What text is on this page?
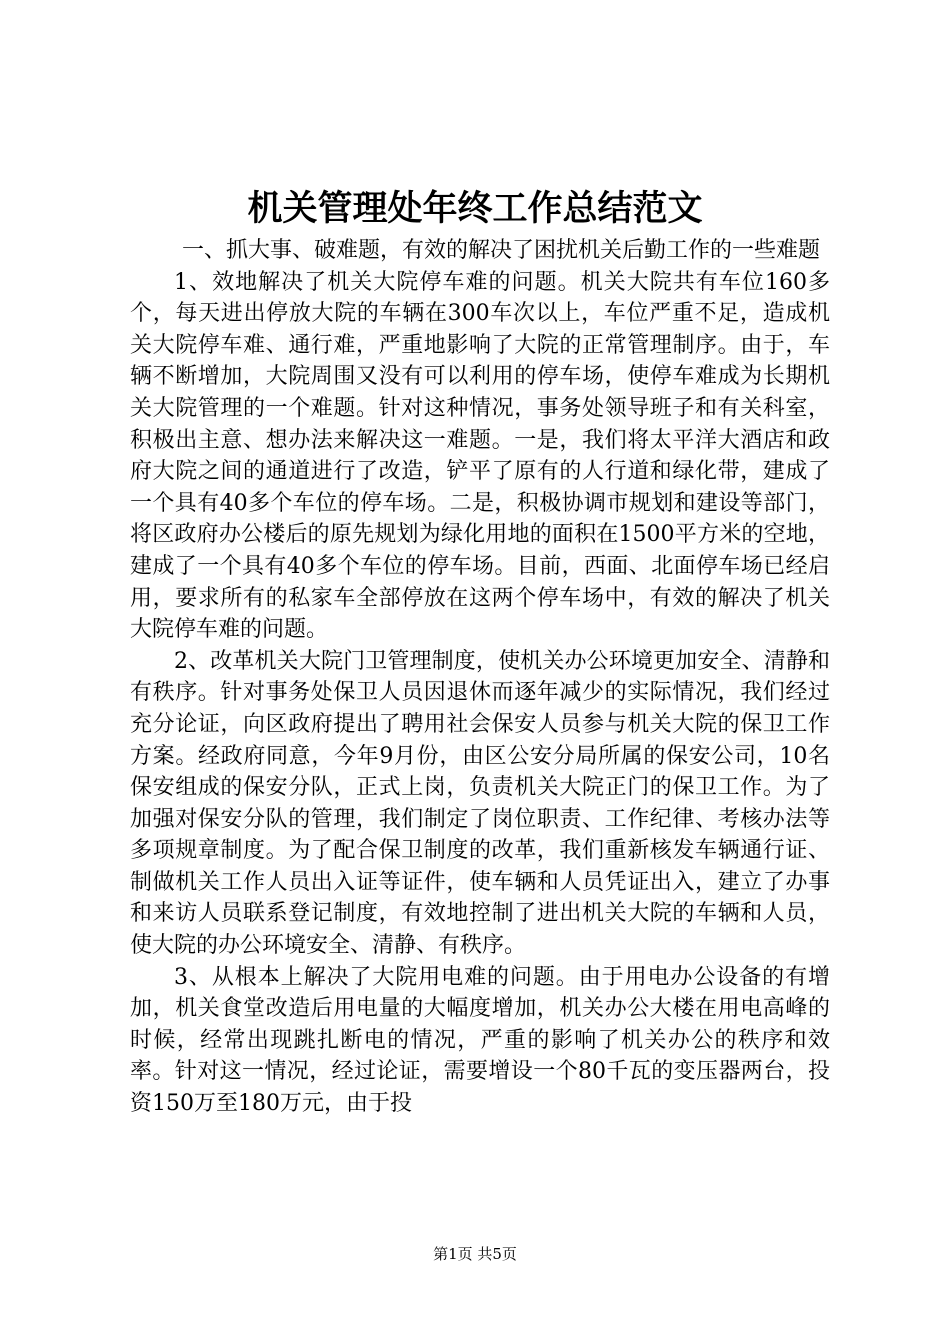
机关管理处年终工作总结范文

一、抓大事、破难题，有效的解决了困扰机关后勤工作的一些难题

1、效地解决了机关大院停车难的问题。机关大院共有车位160多个，每天进出停放大院的车辆在300车次以上，车位严重不足，造成机关大院停车难、通行难，严重地影响了大院的正常管理制序。由于，车辆不断增加，大院周围又没有可以利用的停车场，使停车难成为长期机关大院管理的一个难题。针对这种情况，事务处领导班子和有关科室，积极出主意、想办法来解决这一难题。一是，我们将太平洋大酒店和政府大院之间的通道进行了改造，铲平了原有的人行道和绿化带，建成了一个具有40多个车位的停车场。二是，积极协调市规划和建设等部门，将区政府办公楼后的原先规划为绿化用地的面积在1500平方米的空地，建成了一个具有40多个车位的停车场。目前，西面、北面停车场已经启用，要求所有的私家车全部停放在这两个停车场中，有效的解决了机关大院停车难的问题。

2、改革机关大院门卫管理制度，使机关办公环境更加安全、清静和有秩序。针对事务处保卫人员因退休而逐年减少的实际情况，我们经过充分论证，向区政府提出了聘用社会保安人员参与机关大院的保卫工作方案。经政府同意，今年9月份，由区公安分局所属的保安公司，10名保安组成的保安分队，正式上岗，负责机关大院正门的保卫工作。为了加强对保安分队的管理，我们制定了岗位职责、工作纪律、考核办法等多项规章制度。为了配合保卫制度的改革，我们重新核发车辆通行证、制做机关工作人员出入证等证件，使车辆和人员凭证出入，建立了办事和来访人员联系登记制度，有效地控制了进出机关大院的车辆和人员，使大院的办公环境安全、清静、有秩序。

3、从根本上解决了大院用电难的问题。由于用电办公设备的有增加，机关食堂改造后用电量的大幅度增加，机关办公大楼在用电高峰的时候，经常出现跳扎断电的情况，严重的影响了机关办公的秩序和效率。针对这一情况，经过论证，需要增设一个80千瓦的变压器两台，投资150万至180万元，由于投

第1页 共5页
